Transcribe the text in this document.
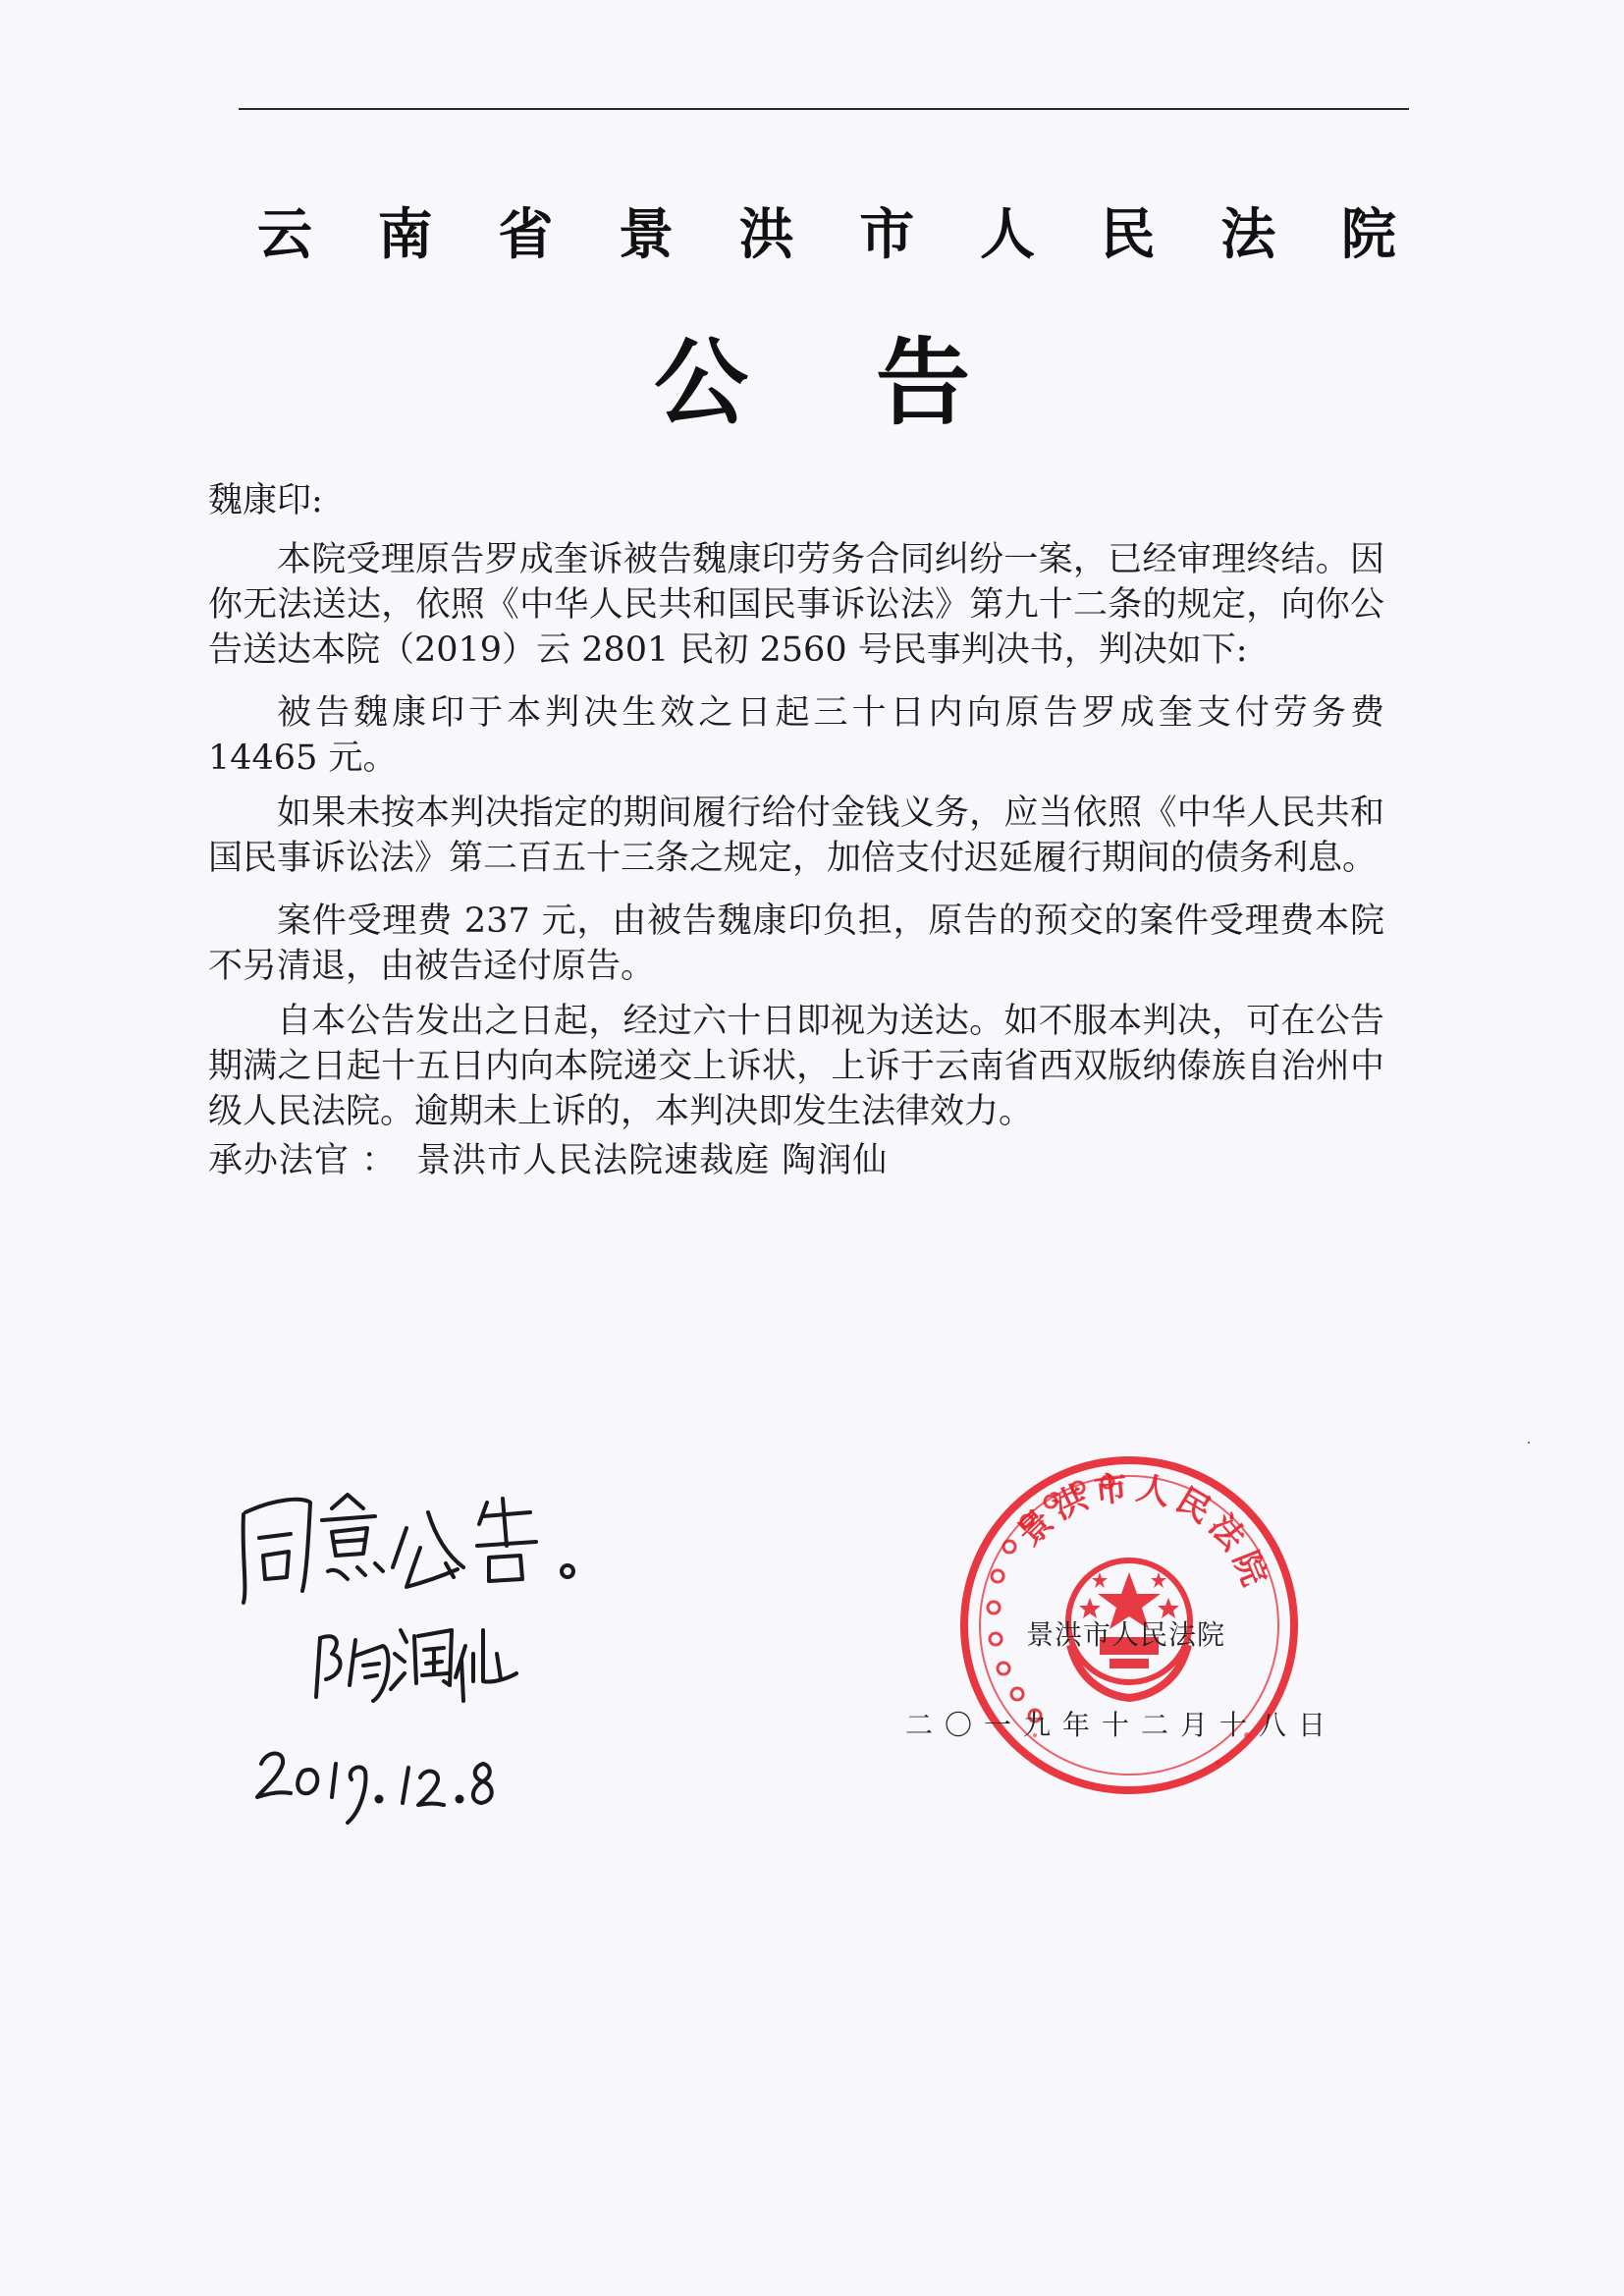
云 南 省 景 洪 市 人 民 法 院
公告

魏康印:

本院受理原告罗成奎诉被告魏康印劳务合同纠纷一案，已经审理终结。因你无法送达，依照《中华人民共和国民事诉讼法》第九十二条的规定，向你公告送达本院（2019）云 2801 民初 2560 号民事判决书，判决如下:

被告魏康印于本判决生效之日起三十日内向原告罗成奎支付劳务费 14465 元。

如果未按本判决指定的期间履行给付金钱义务，应当依照《中华人民共和国民事诉讼法》第二百五十三条之规定，加倍支付迟延履行期间的债务利息。

案件受理费 237 元，由被告魏康印负担，原告的预交的案件受理费本院不另清退，由被告迳付原告。

自本公告发出之日起，经过六十日即视为送达。如不服本判决，可在公告期满之日起十五日内向本院递交上诉状，上诉于云南省西双版纳傣族自治州中级人民法院。逾期未上诉的，本判决即发生法律效力。

承办法官 ： 景洪市人民法院速裁庭 陶润仙

景洪市人民法院
景洪市人民法院
二〇一九年十二月十八日
